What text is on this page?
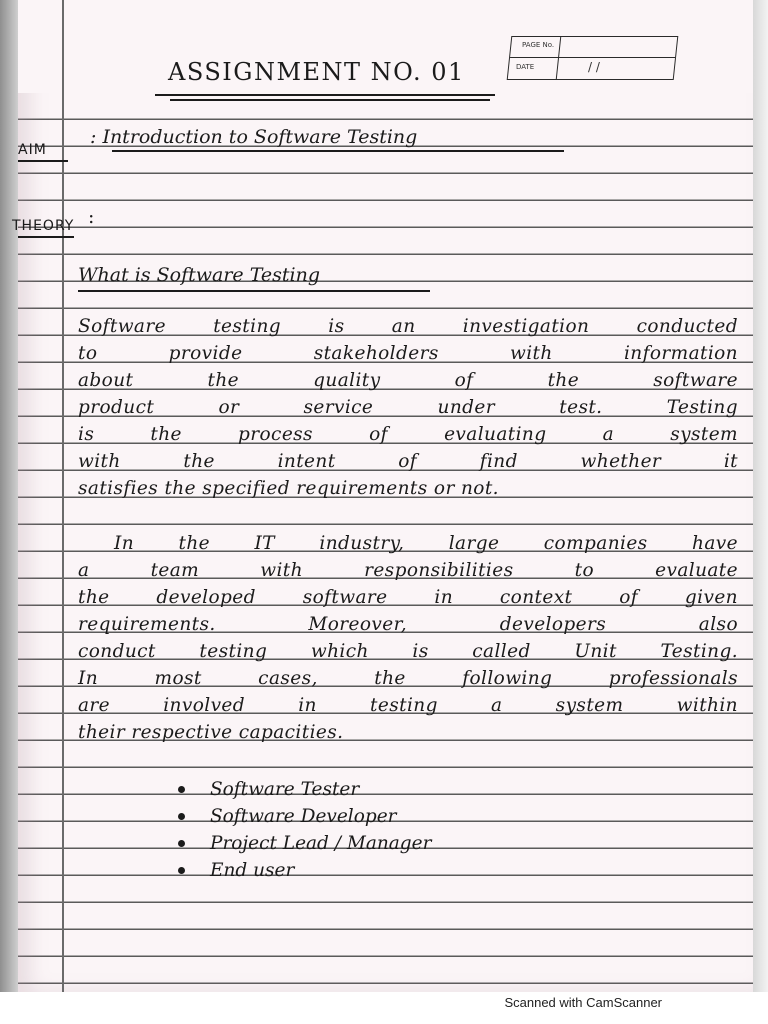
PAGE No.
DATE	/ /
ASSIGNMENT NO. 01
AIM
: Introduction to Software Testing
THEORY :
What is Software Testing
Software testing is an investigation conducted
to provide stakeholders with information
about the quality of the software
product or service under test. Testing
is the process of evaluating a system
with the intent of find whether it
satisfies the specified requirements or not.
In the IT industry, large companies have
a team with responsibilities to evaluate
the developed software in context of given
requirements. Moreover, developers also
conduct testing which is called Unit Testing.
In most cases, the following professionals
are involved in testing a system within
their respective capacities.
Software Tester
Software Developer
Project Lead / Manager
End user
Scanned with CamScanner
